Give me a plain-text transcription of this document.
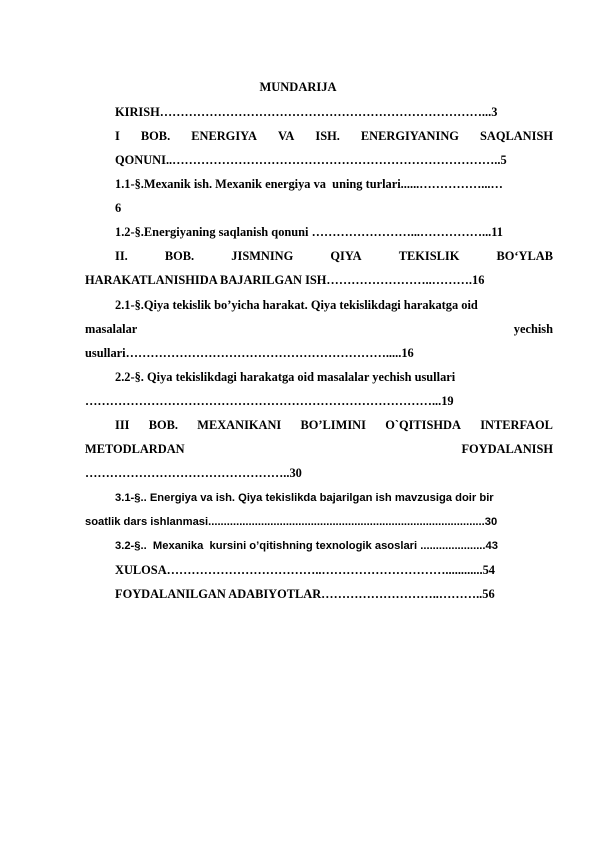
MUNDARIJA
KIRISH……………………………………………………………………...3
I BOB. ENERGIYA VA ISH. ENERGIYANING SAQLANISH
QONUNI..……………………………………………………………………..5
1.1-§.Mexanik ish. Mexanik energiya va  uning turlari......……………...…
6
1.2-§.Energiyaning saqlanish qonuni ……………………...……………...11
II.	BOB.	JISMNING	QIYA	TEKISLIK	BO‘YLAB
HARAKATLANISHIDA BAJARILGAN ISH……………………..……….16
2.1-§.Qiya tekislik bo’yicha harakat. Qiya tekislikdagi harakatga oid
masalalar	yechish
usullari……………………………………………………….....16
2.2-§. Qiya tekislikdagi harakatga oid masalalar yechish usullari
…………………………………………………………………………...19
III BOB. MEXANIKANI BO’LIMINI O`QITISHDA INTERFAOL
METODLARDAN	FOYDALANISH
…………………………………………..30
3.1-§.. Energiya va ish. Qiya tekislikda bajarilgan ish mavzusiga doir bir
soatlik dars ishlanmasi.........................................................................................30
3.2-§..  Mexanika  kursini o’qitishning texnologik asoslari .....................43
XULOSA………………………………..…………………………............54
FOYDALANILGAN ADABIYOTLAR………………………..………..56
